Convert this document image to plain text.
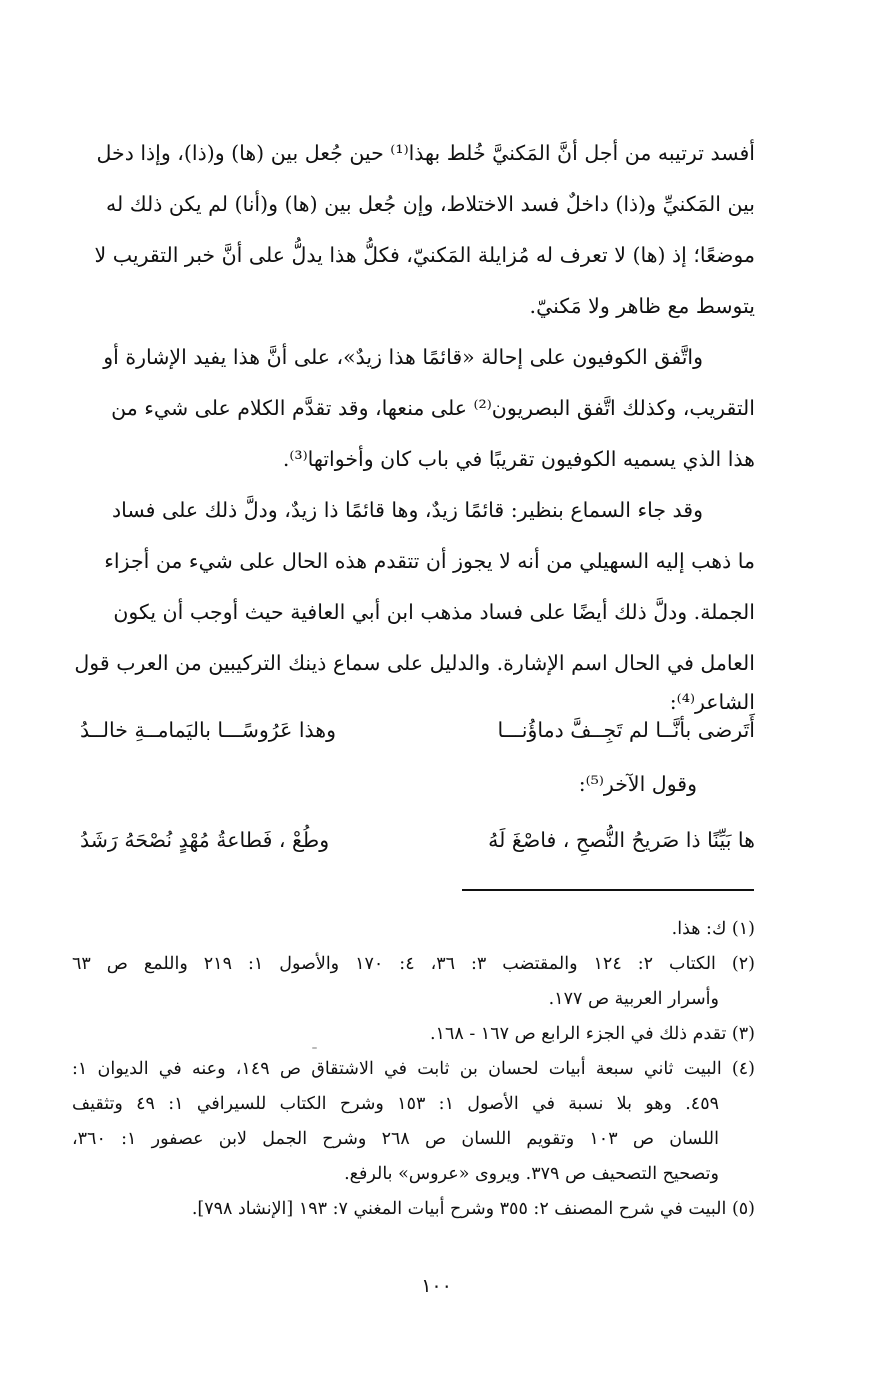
أفسد ترتيبه من أجل أنَّ المَكنيَّ خُلط بهذا⁽¹⁾ حين جُعل بين (ها) و(ذا)، وإذا دخل

بين المَكنيِّ و(ذا) داخلٌ فسد الاختلاط، وإن جُعل بين (ها) و(أنا) لم يكن ذلك له

موضعًا؛ إذ (ها) لا تعرف له مُزايلة المَكنيّ، فكلُّ هذا يدلُّ على أنَّ خبر التقريب لا

يتوسط مع ظاهر ولا مَكنيّ.

واتَّفق الكوفيون على إحالة «قائمًا هذا زيدٌ»، على أنَّ هذا يفيد الإشارة أو

التقريب، وكذلك اتَّفق البصريون⁽²⁾ على منعها، وقد تقدَّم الكلام على شيء من

هذا الذي يسميه الكوفيون تقريبًا في باب كان وأخواتها⁽³⁾.

وقد جاء السماع بنظير: قائمًا زيدٌ، وها قائمًا ذا زيدٌ، ودلَّ ذلك على فساد

ما ذهب إليه السهيلي من أنه لا يجوز أن تتقدم هذه الحال على شيء من أجزاء

الجملة. ودلَّ ذلك أيضًا على فساد مذهب ابن أبي العافية حيث أوجب أن يكون

العامل في الحال اسم الإشارة. والدليل على سماع ذينك التركيبين من العرب قول

الشاعر⁽⁴⁾:

أَتَرضى بأنَّــا لم تَجِــفَّ دماؤُنـــا
وهذا عَرُوسًـــا باليَمامــةِ خالــدُ
وقول الآخر⁽⁵⁾:
ها بَيِّنًا ذا صَريحُ النُّصحِ ، فاصْغَ لَهُ
وطُعْ ، فَطاعةُ مُهْدٍ نُصْحَهُ رَشَدُ
(١) ك: هذا.
(٢) الكتاب ٢: ١٢٤ والمقتضب ٣: ٣٦، ٤: ١٧٠ والأصول ١: ٢١٩ واللمع ص ٦٣
وأسرار العربية ص ١٧٧.
(٣) تقدم ذلك في الجزء الرابع ص ١٦٧ - ١٦٨.
(٤) البيت ثاني سبعة أبيات لحسان بن ثابت في الاشتقاق ص ١٤٩، وعنه في الديوان ١:
٤٥٩. وهو بلا نسبة في الأصول ١: ١٥٣ وشرح الكتاب للسيرافي ١: ٤٩ وتثقيف
اللسان ص ١٠٣ وتقويم اللسان ص ٢٦٨ وشرح الجمل لابن عصفور ١: ٣٦٠،
وتصحيح التصحيف ص ٣٧٩. ويروى «عروس» بالرفع.
(٥) البيت في شرح المصنف ٢: ٣٥٥ وشرح أبيات المغني ٧: ١٩٣ [الإنشاد ٧٩٨].
١٠٠
